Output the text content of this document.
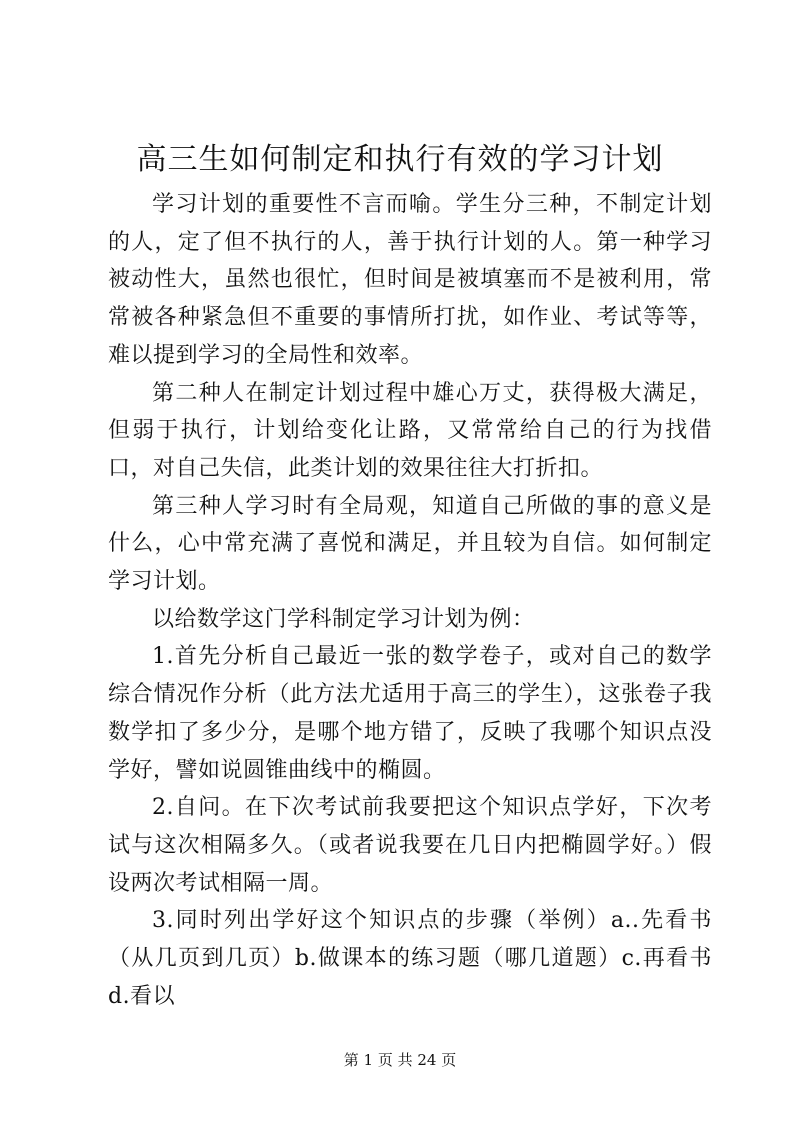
高三生如何制定和执行有效的学习计划

学习计划的重要性不言而喻。学生分三种，不制定计划的人，定了但不执行的人，善于执行计划的人。第一种学习被动性大，虽然也很忙，但时间是被填塞而不是被利用，常常被各种紧急但不重要的事情所打扰，如作业、考试等等，难以提到学习的全局性和效率。

第二种人在制定计划过程中雄心万丈，获得极大满足，但弱于执行，计划给变化让路，又常常给自己的行为找借口，对自己失信，此类计划的效果往往大打折扣。

第三种人学习时有全局观，知道自己所做的事的意义是什么，心中常充满了喜悦和满足，并且较为自信。如何制定学习计划。

以给数学这门学科制定学习计划为例：

1.首先分析自己最近一张的数学卷子，或对自己的数学综合情况作分析（此方法尤适用于高三的学生），这张卷子我数学扣了多少分，是哪个地方错了，反映了我哪个知识点没学好，譬如说圆锥曲线中的椭圆。

2.自问。在下次考试前我要把这个知识点学好，下次考试与这次相隔多久。（或者说我要在几日内把椭圆学好。）假设两次考试相隔一周。

3.同时列出学好这个知识点的步骤（举例）a..先看书（从几页到几页）b.做课本的练习题（哪几道题）c.再看书 d.看以

第 1 页 共 24 页
